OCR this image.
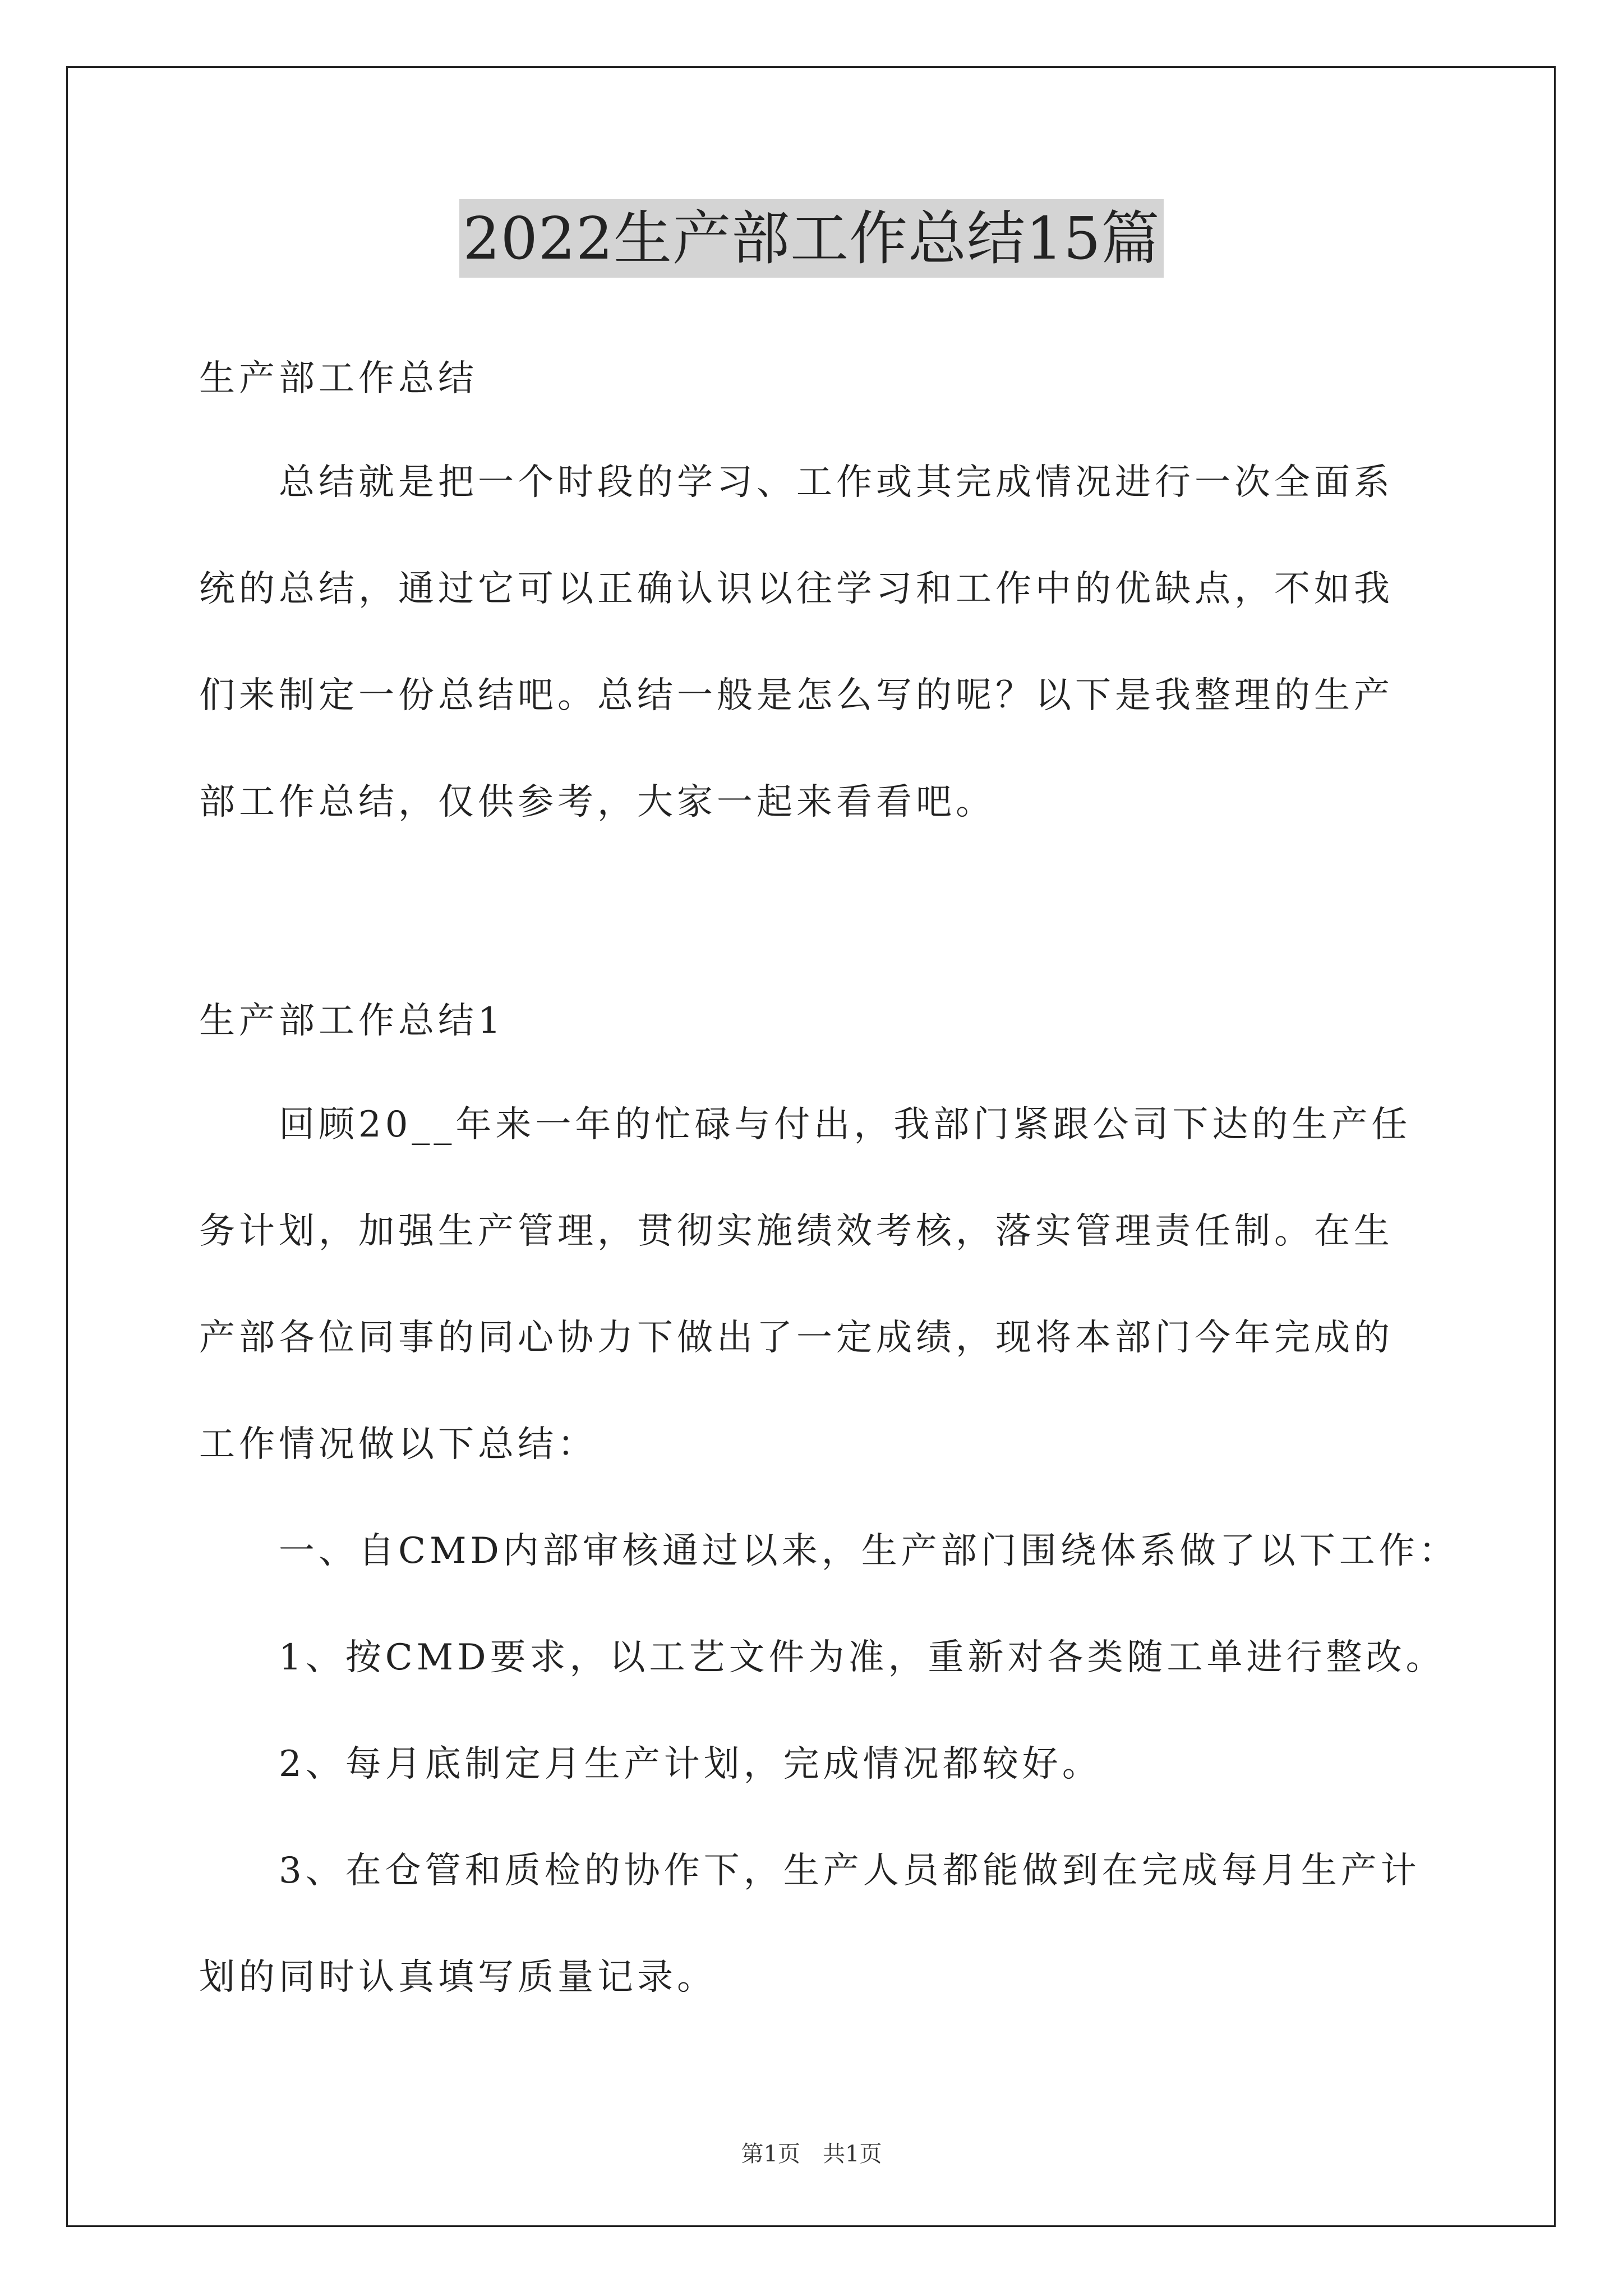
2022生产部工作总结15篇
生产部工作总结
　　总结就是把一个时段的学习、工作或其完成情况进行一次全面系
统的总结，通过它可以正确认识以往学习和工作中的优缺点，不如我
们来制定一份总结吧。总结一般是怎么写的呢？以下是我整理的生产
部工作总结，仅供参考，大家一起来看看吧。
生产部工作总结1
　　回顾20__年来一年的忙碌与付出，我部门紧跟公司下达的生产任
务计划，加强生产管理，贯彻实施绩效考核，落实管理责任制。在生
产部各位同事的同心协力下做出了一定成绩，现将本部门今年完成的
工作情况做以下总结：
　　一、自CMD内部审核通过以来，生产部门围绕体系做了以下工作：
　　1、按CMD要求，以工艺文件为准，重新对各类随工单进行整改。
　　2、每月底制定月生产计划，完成情况都较好。
　　3、在仓管和质检的协作下，生产人员都能做到在完成每月生产计
划的同时认真填写质量记录。
第1页　共1页
